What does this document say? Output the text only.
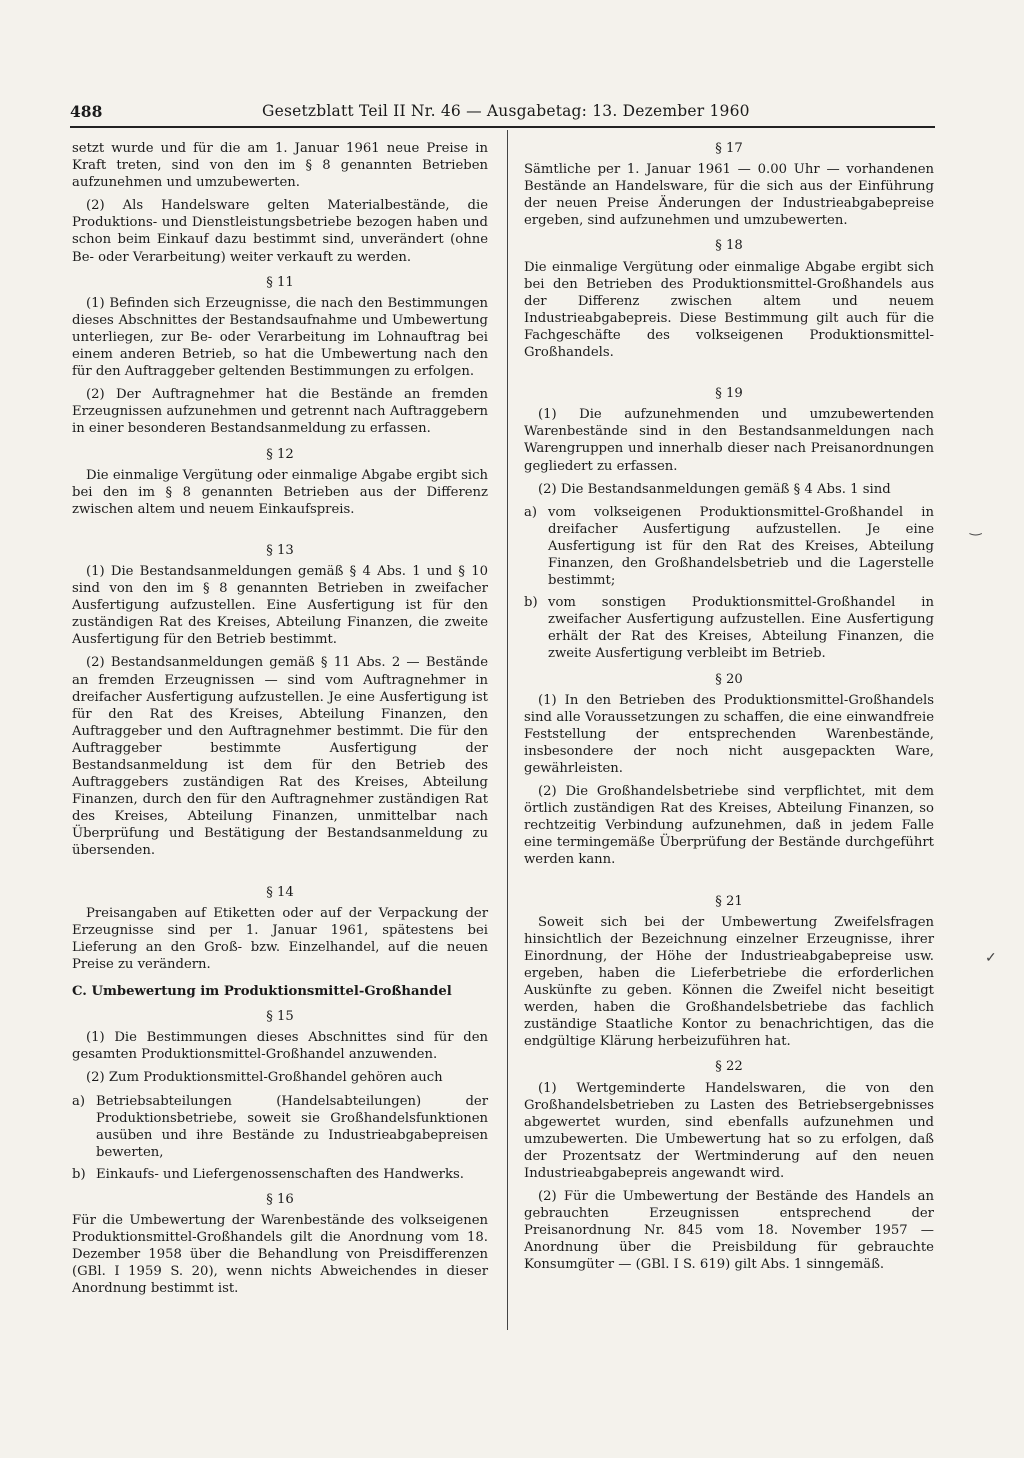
488	Gesetzblatt Teil II Nr. 46 — Ausgabetag: 13. Dezember 1960

setzt wurde und für die am 1. Januar 1961 neue Preise in Kraft treten, sind von den im § 8 genannten Betrieben aufzunehmen und umzubewerten.

(2) Als Handelsware gelten Materialbestände, die Produktions- und Dienstleistungsbetriebe bezogen haben und schon beim Einkauf dazu bestimmt sind, unverändert (ohne Be- oder Verarbeitung) weiter verkauft zu werden.

§ 11

(1) Befinden sich Erzeugnisse, die nach den Bestimmungen dieses Abschnittes der Bestandsaufnahme und Umbewertung unterliegen, zur Be- oder Verarbeitung im Lohnauftrag bei einem anderen Betrieb, so hat die Umbewertung nach den für den Auftraggeber geltenden Bestimmungen zu erfolgen.

(2) Der Auftragnehmer hat die Bestände an fremden Erzeugnissen aufzunehmen und getrennt nach Auftraggebern in einer besonderen Bestandsanmeldung zu erfassen.

§ 12

Die einmalige Vergütung oder einmalige Abgabe ergibt sich bei den im § 8 genannten Betrieben aus der Differenz zwischen altem und neuem Einkaufspreis.

§ 13

(1) Die Bestandsanmeldungen gemäß § 4 Abs. 1 und § 10 sind von den im § 8 genannten Betrieben in zweifacher Ausfertigung aufzustellen. Eine Ausfertigung ist für den zuständigen Rat des Kreises, Abteilung Finanzen, die zweite Ausfertigung für den Betrieb bestimmt.

(2) Bestandsanmeldungen gemäß § 11 Abs. 2 — Bestände an fremden Erzeugnissen — sind vom Auftragnehmer in dreifacher Ausfertigung aufzustellen. Je eine Ausfertigung ist für den Rat des Kreises, Abteilung Finanzen, den Auftraggeber und den Auftragnehmer bestimmt. Die für den Auftraggeber bestimmte Ausfertigung der Bestandsanmeldung ist dem für den Betrieb des Auftraggebers zuständigen Rat des Kreises, Abteilung Finanzen, durch den für den Auftragnehmer zuständigen Rat des Kreises, Abteilung Finanzen, unmittelbar nach Überprüfung und Bestätigung der Bestandsanmeldung zu übersenden.

§ 14

Preisangaben auf Etiketten oder auf der Verpackung der Erzeugnisse sind per 1. Januar 1961, spätestens bei Lieferung an den Groß- bzw. Einzelhandel, auf die neuen Preise zu verändern.

C. Umbewertung im Produktionsmittel-Großhandel
§ 15

(1) Die Bestimmungen dieses Abschnittes sind für den gesamten Produktionsmittel-Großhandel anzuwenden.

(2) Zum Produktionsmittel-Großhandel gehören auch

a) Betriebsabteilungen (Handelsabteilungen) der Produktionsbetriebe, soweit sie Großhandelsfunktionen ausüben und ihre Bestände zu Industrieabgabepreisen bewerten,
b) Einkaufs- und Liefergenossenschaften des Handwerks.
§ 16

Für die Umbewertung der Warenbestände des volkseigenen Produktionsmittel-Großhandels gilt die Anordnung vom 18. Dezember 1958 über die Behandlung von Preisdifferenzen (GBl. I 1959 S. 20), wenn nichts Abweichendes in dieser Anordnung bestimmt ist.

§ 17

Sämtliche per 1. Januar 1961 — 0.00 Uhr — vorhandenen Bestände an Handelsware, für die sich aus der Einführung der neuen Preise Änderungen der Industrieabgabepreise ergeben, sind aufzunehmen und umzubewerten.

§ 18

Die einmalige Vergütung oder einmalige Abgabe ergibt sich bei den Betrieben des Produktionsmittel-Großhandels aus der Differenz zwischen altem und neuem Industrieabgabepreis. Diese Bestimmung gilt auch für die Fachgeschäfte des volkseigenen Produktionsmittel-Großhandels.

§ 19

(1) Die aufzunehmenden und umzubewertenden Warenbestände sind in den Bestandsanmeldungen nach Warengruppen und innerhalb dieser nach Preisanordnungen gegliedert zu erfassen.

(2) Die Bestandsanmeldungen gemäß § 4 Abs. 1 sind

a) vom volkseigenen Produktionsmittel-Großhandel in dreifacher Ausfertigung aufzustellen. Je eine Ausfertigung ist für den Rat des Kreises, Abteilung Finanzen, den Großhandelsbetrieb und die Lagerstelle bestimmt;
b) vom sonstigen Produktionsmittel-Großhandel in zweifacher Ausfertigung aufzustellen. Eine Ausfertigung erhält der Rat des Kreises, Abteilung Finanzen, die zweite Ausfertigung verbleibt im Betrieb.
§ 20

(1) In den Betrieben des Produktionsmittel-Großhandels sind alle Voraussetzungen zu schaffen, die eine einwandfreie Feststellung der entsprechenden Warenbestände, insbesondere der noch nicht ausgepackten Ware, gewährleisten.

(2) Die Großhandelsbetriebe sind verpflichtet, mit dem örtlich zuständigen Rat des Kreises, Abteilung Finanzen, so rechtzeitig Verbindung aufzunehmen, daß in jedem Falle eine termingemäße Überprüfung der Bestände durchgeführt werden kann.

§ 21

Soweit sich bei der Umbewertung Zweifelsfragen hinsichtlich der Bezeichnung einzelner Erzeugnisse, ihrer Einordnung, der Höhe der Industrieabgabepreise usw. ergeben, haben die Lieferbetriebe die erforderlichen Auskünfte zu geben. Können die Zweifel nicht beseitigt werden, haben die Großhandelsbetriebe das fachlich zuständige Staatliche Kontor zu benachrichtigen, das die endgültige Klärung herbeizuführen hat.

§ 22

(1) Wertgeminderte Handelswaren, die von den Großhandelsbetrieben zu Lasten des Betriebsergebnisses abgewertet wurden, sind ebenfalls aufzunehmen und umzubewerten. Die Umbewertung hat so zu erfolgen, daß der Prozentsatz der Wertminderung auf den neuen Industrieabgabepreis angewandt wird.

(2) Für die Umbewertung der Bestände des Handels an gebrauchten Erzeugnissen entsprechend der Preisanordnung Nr. 845 vom 18. November 1957 — Anordnung über die Preisbildung für gebrauchte Konsumgüter — (GBl. I S. 619) gilt Abs. 1 sinngemäß.

‿
✓
